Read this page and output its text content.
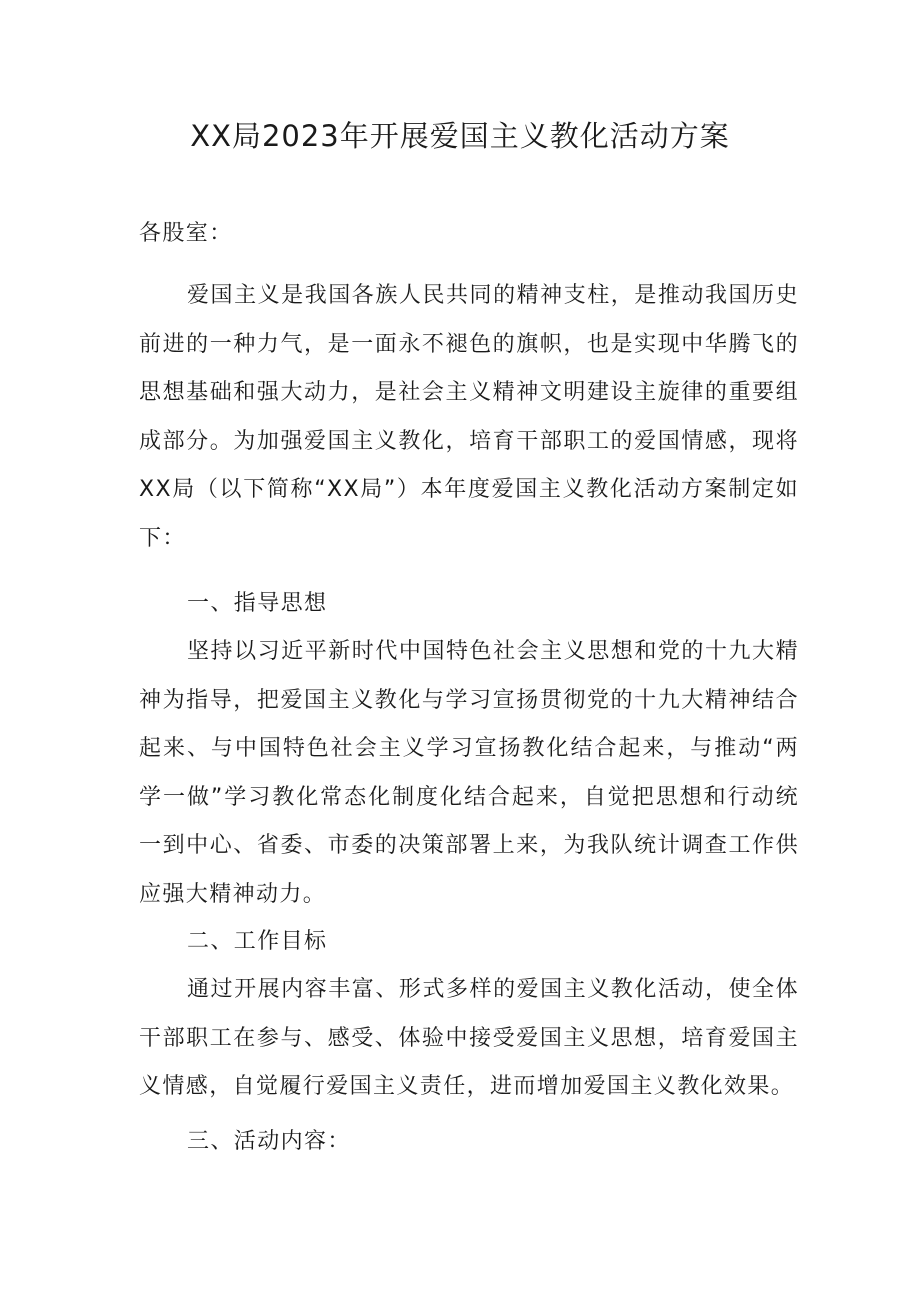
XX局2023年开展爱国主义教化活动方案

各股室：

爱国主义是我国各族人民共同的精神支柱，是推动我国历史前进的一种力气，是一面永不褪色的旗帜，也是实现中华腾飞的思想基础和强大动力，是社会主义精神文明建设主旋律的重要组成部分。为加强爱国主义教化，培育干部职工的爱国情感，现将XX局（以下简称“XX局”）本年度爱国主义教化活动方案制定如下：

一、指导思想

坚持以习近平新时代中国特色社会主义思想和党的十九大精神为指导，把爱国主义教化与学习宣扬贯彻党的十九大精神结合起来、与中国特色社会主义学习宣扬教化结合起来，与推动“两学一做”学习教化常态化制度化结合起来，自觉把思想和行动统一到中心、省委、市委的决策部署上来，为我队统计调查工作供应强大精神动力。

二、工作目标

通过开展内容丰富、形式多样的爱国主义教化活动，使全体干部职工在参与、感受、体验中接受爱国主义思想，培育爱国主义情感，自觉履行爱国主义责任，进而增加爱国主义教化效果。

三、活动内容：
